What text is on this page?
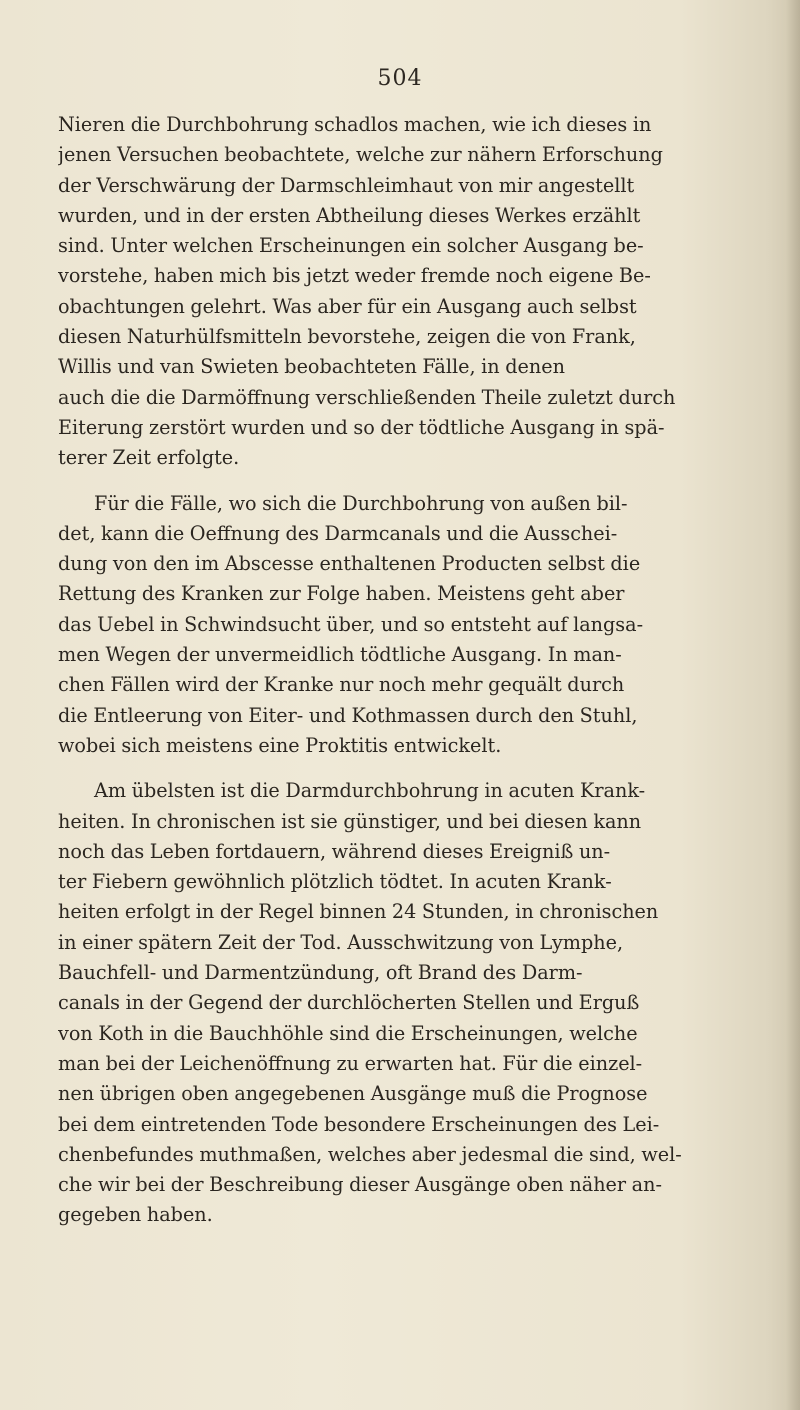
504

Nieren die Durchbohrung schadlos machen, wie ich dieses in
jenen Versuchen beobachtete, welche zur nähern Erforschung
der Verschwärung der Darmschleimhaut von mir angestellt
wurden, und in der ersten Abtheilung dieses Werkes erzählt
sind. Unter welchen Erscheinungen ein solcher Ausgang be-
vorstehe, haben mich bis jetzt weder fremde noch eigene Be-
obachtungen gelehrt. Was aber für ein Ausgang auch selbst
diesen Naturhülfsmitteln bevorstehe, zeigen die von Frank,
Willis und van Swieten beobachteten Fälle, in denen
auch die die Darmöffnung verschließenden Theile zuletzt durch
Eiterung zerstört wurden und so der tödtliche Ausgang in spä-
terer Zeit erfolgte.

Für die Fälle, wo sich die Durchbohrung von außen bil-
det, kann die Oeffnung des Darmcanals und die Ausschei-
dung von den im Abscesse enthaltenen Producten selbst die
Rettung des Kranken zur Folge haben. Meistens geht aber
das Uebel in Schwindsucht über, und so entsteht auf langsa-
men Wegen der unvermeidlich tödtliche Ausgang. In man-
chen Fällen wird der Kranke nur noch mehr gequält durch
die Entleerung von Eiter- und Kothmassen durch den Stuhl,
wobei sich meistens eine Proktitis entwickelt.

Am übelsten ist die Darmdurchbohrung in acuten Krank-
heiten. In chronischen ist sie günstiger, und bei diesen kann
noch das Leben fortdauern, während dieses Ereigniß un-
ter Fiebern gewöhnlich plötzlich tödtet. In acuten Krank-
heiten erfolgt in der Regel binnen 24 Stunden, in chronischen
in einer spätern Zeit der Tod. Ausschwitzung von Lymphe,
Bauchfell- und Darmentzündung, oft Brand des Darm-
canals in der Gegend der durchlöcherten Stellen und Erguß
von Koth in die Bauchhöhle sind die Erscheinungen, welche
man bei der Leichenöffnung zu erwarten hat. Für die einzel-
nen übrigen oben angegebenen Ausgänge muß die Prognose
bei dem eintretenden Tode besondere Erscheinungen des Lei-
chenbefundes muthmaßen, welches aber jedesmal die sind, wel-
che wir bei der Beschreibung dieser Ausgänge oben näher an-
gegeben haben.
